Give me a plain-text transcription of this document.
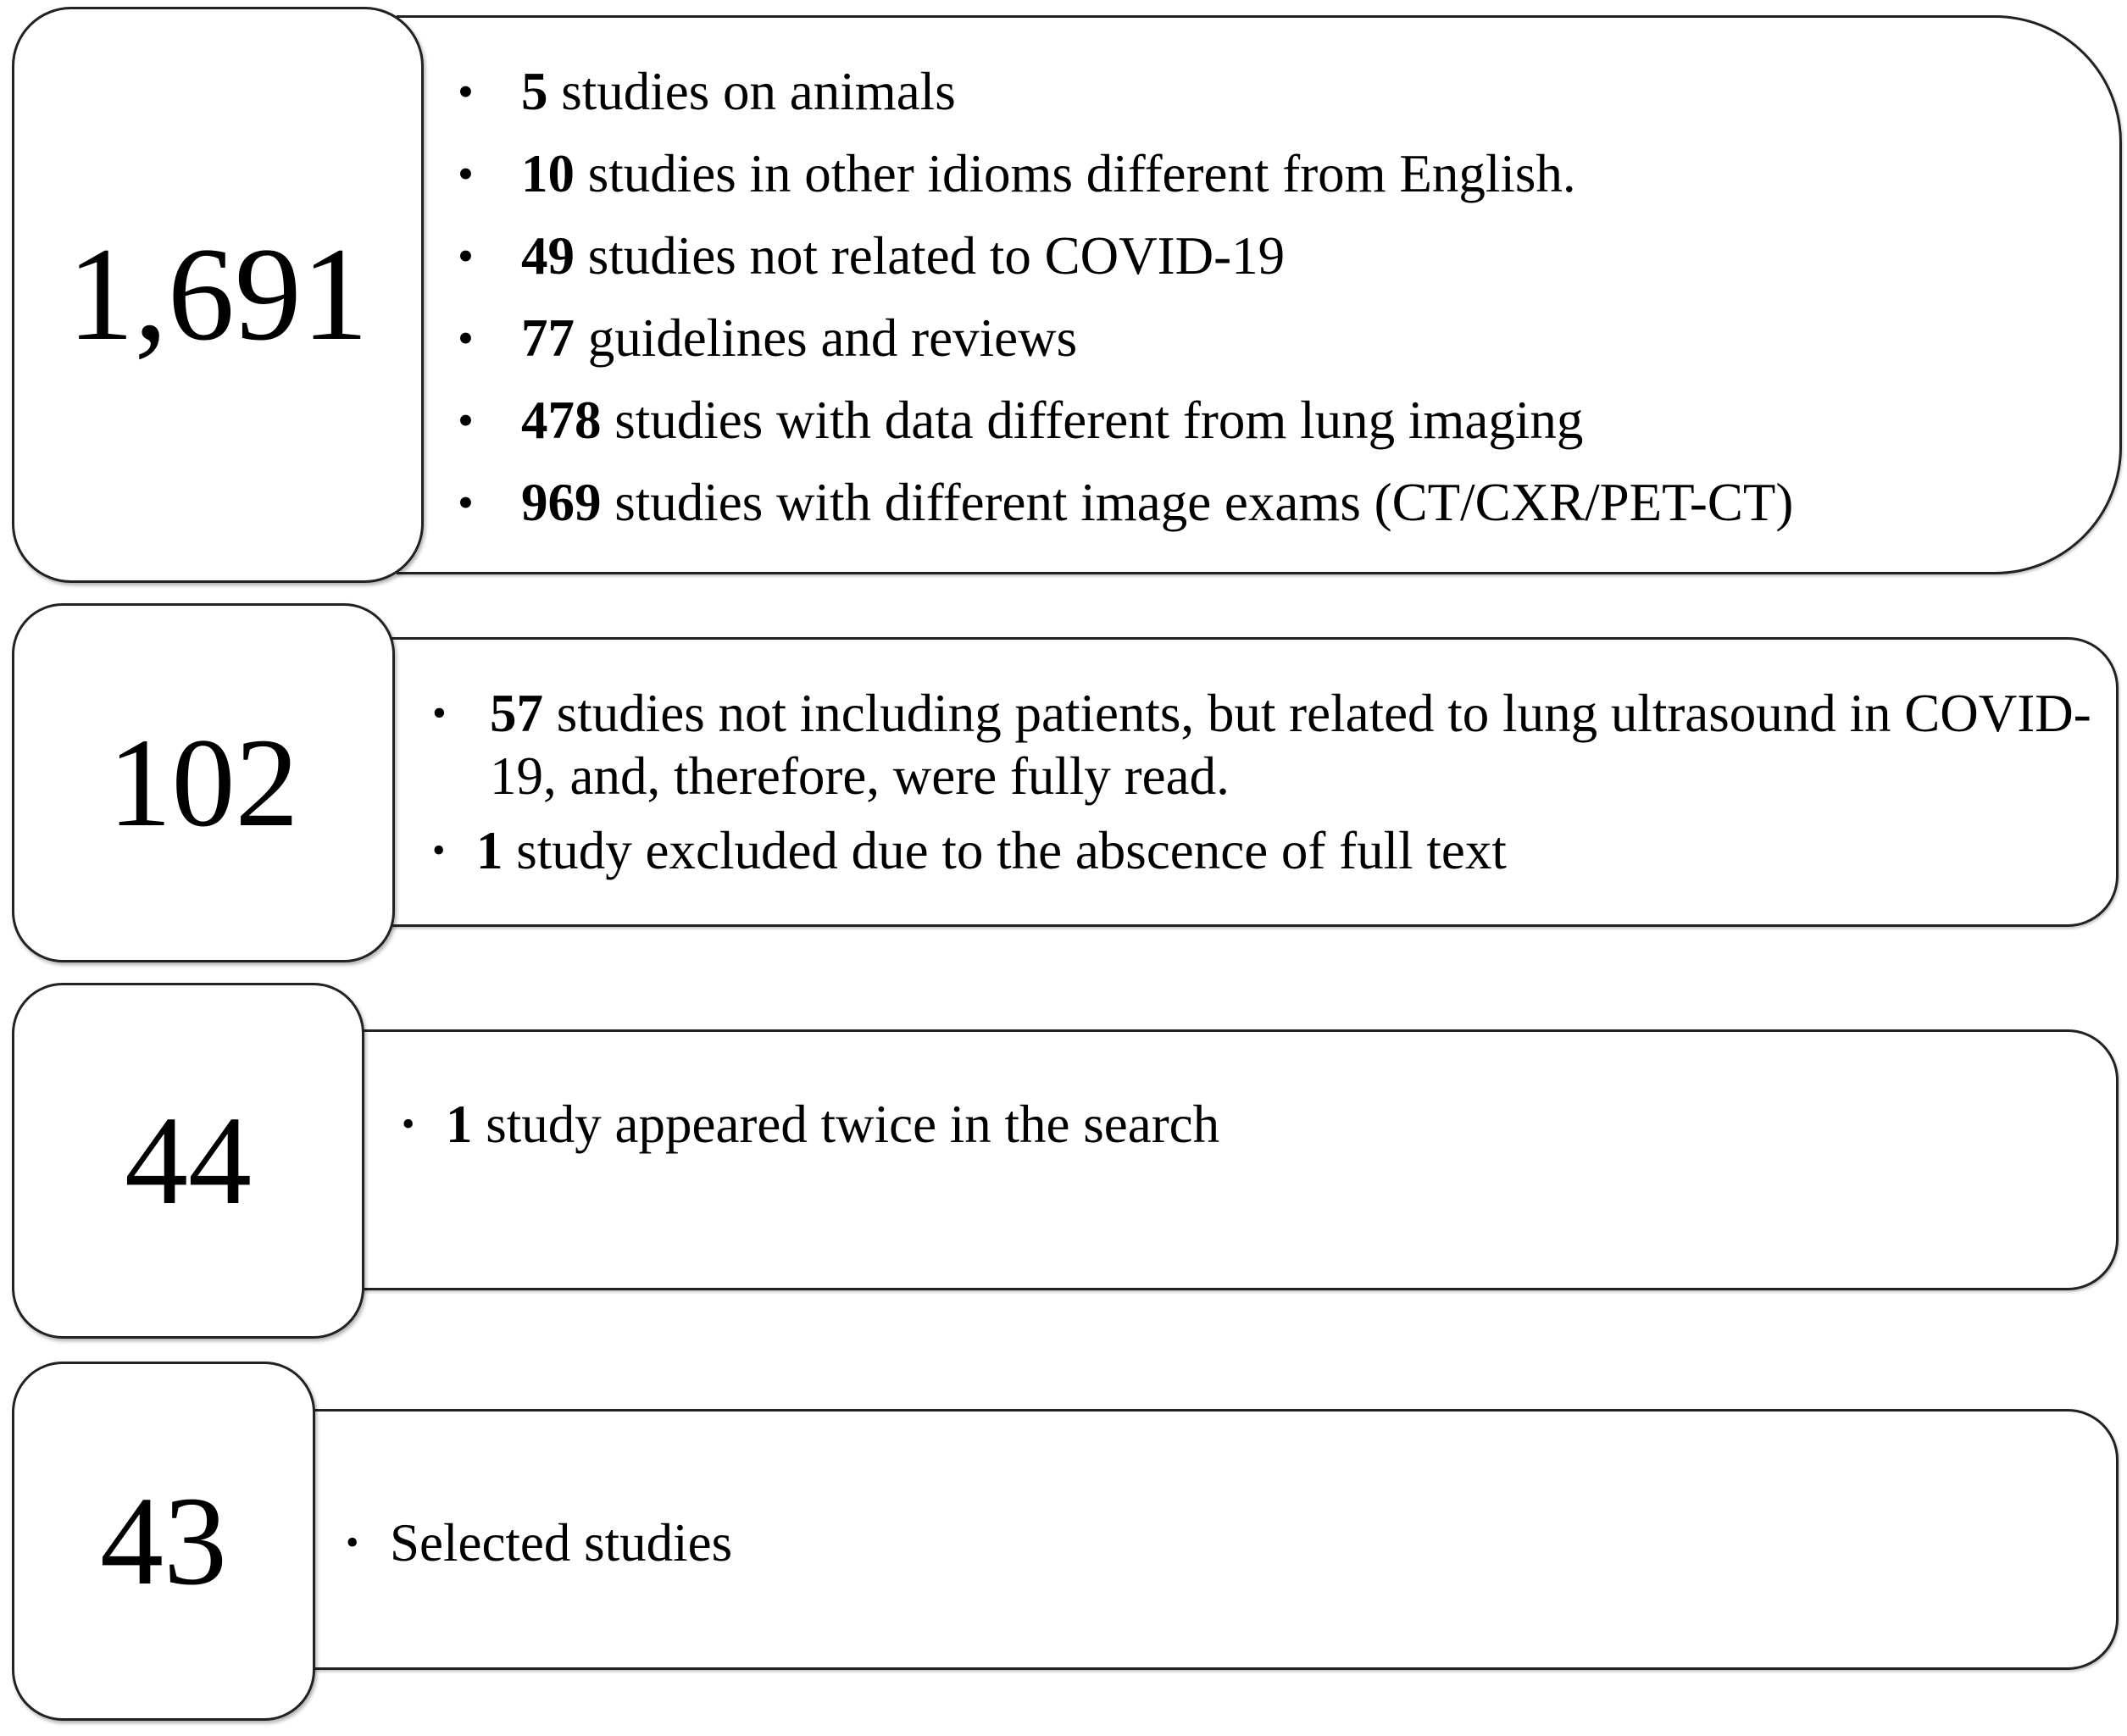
1,691
• 5 studies on animals
• 10 studies in other idioms different from English.
• 49 studies not related to COVID-19
• 77 guidelines and reviews
• 478 studies with data different from lung imaging
• 969 studies with different image exams (CT/CXR/PET-CT)
102	• 57 studies not including patients, but related to lung ultrasound in COVID-19, and, therefore, were fully read.
• 1 study excluded due to the abscence of full text
44	• 1 study appeared twice in the search
43	• Selected studies
